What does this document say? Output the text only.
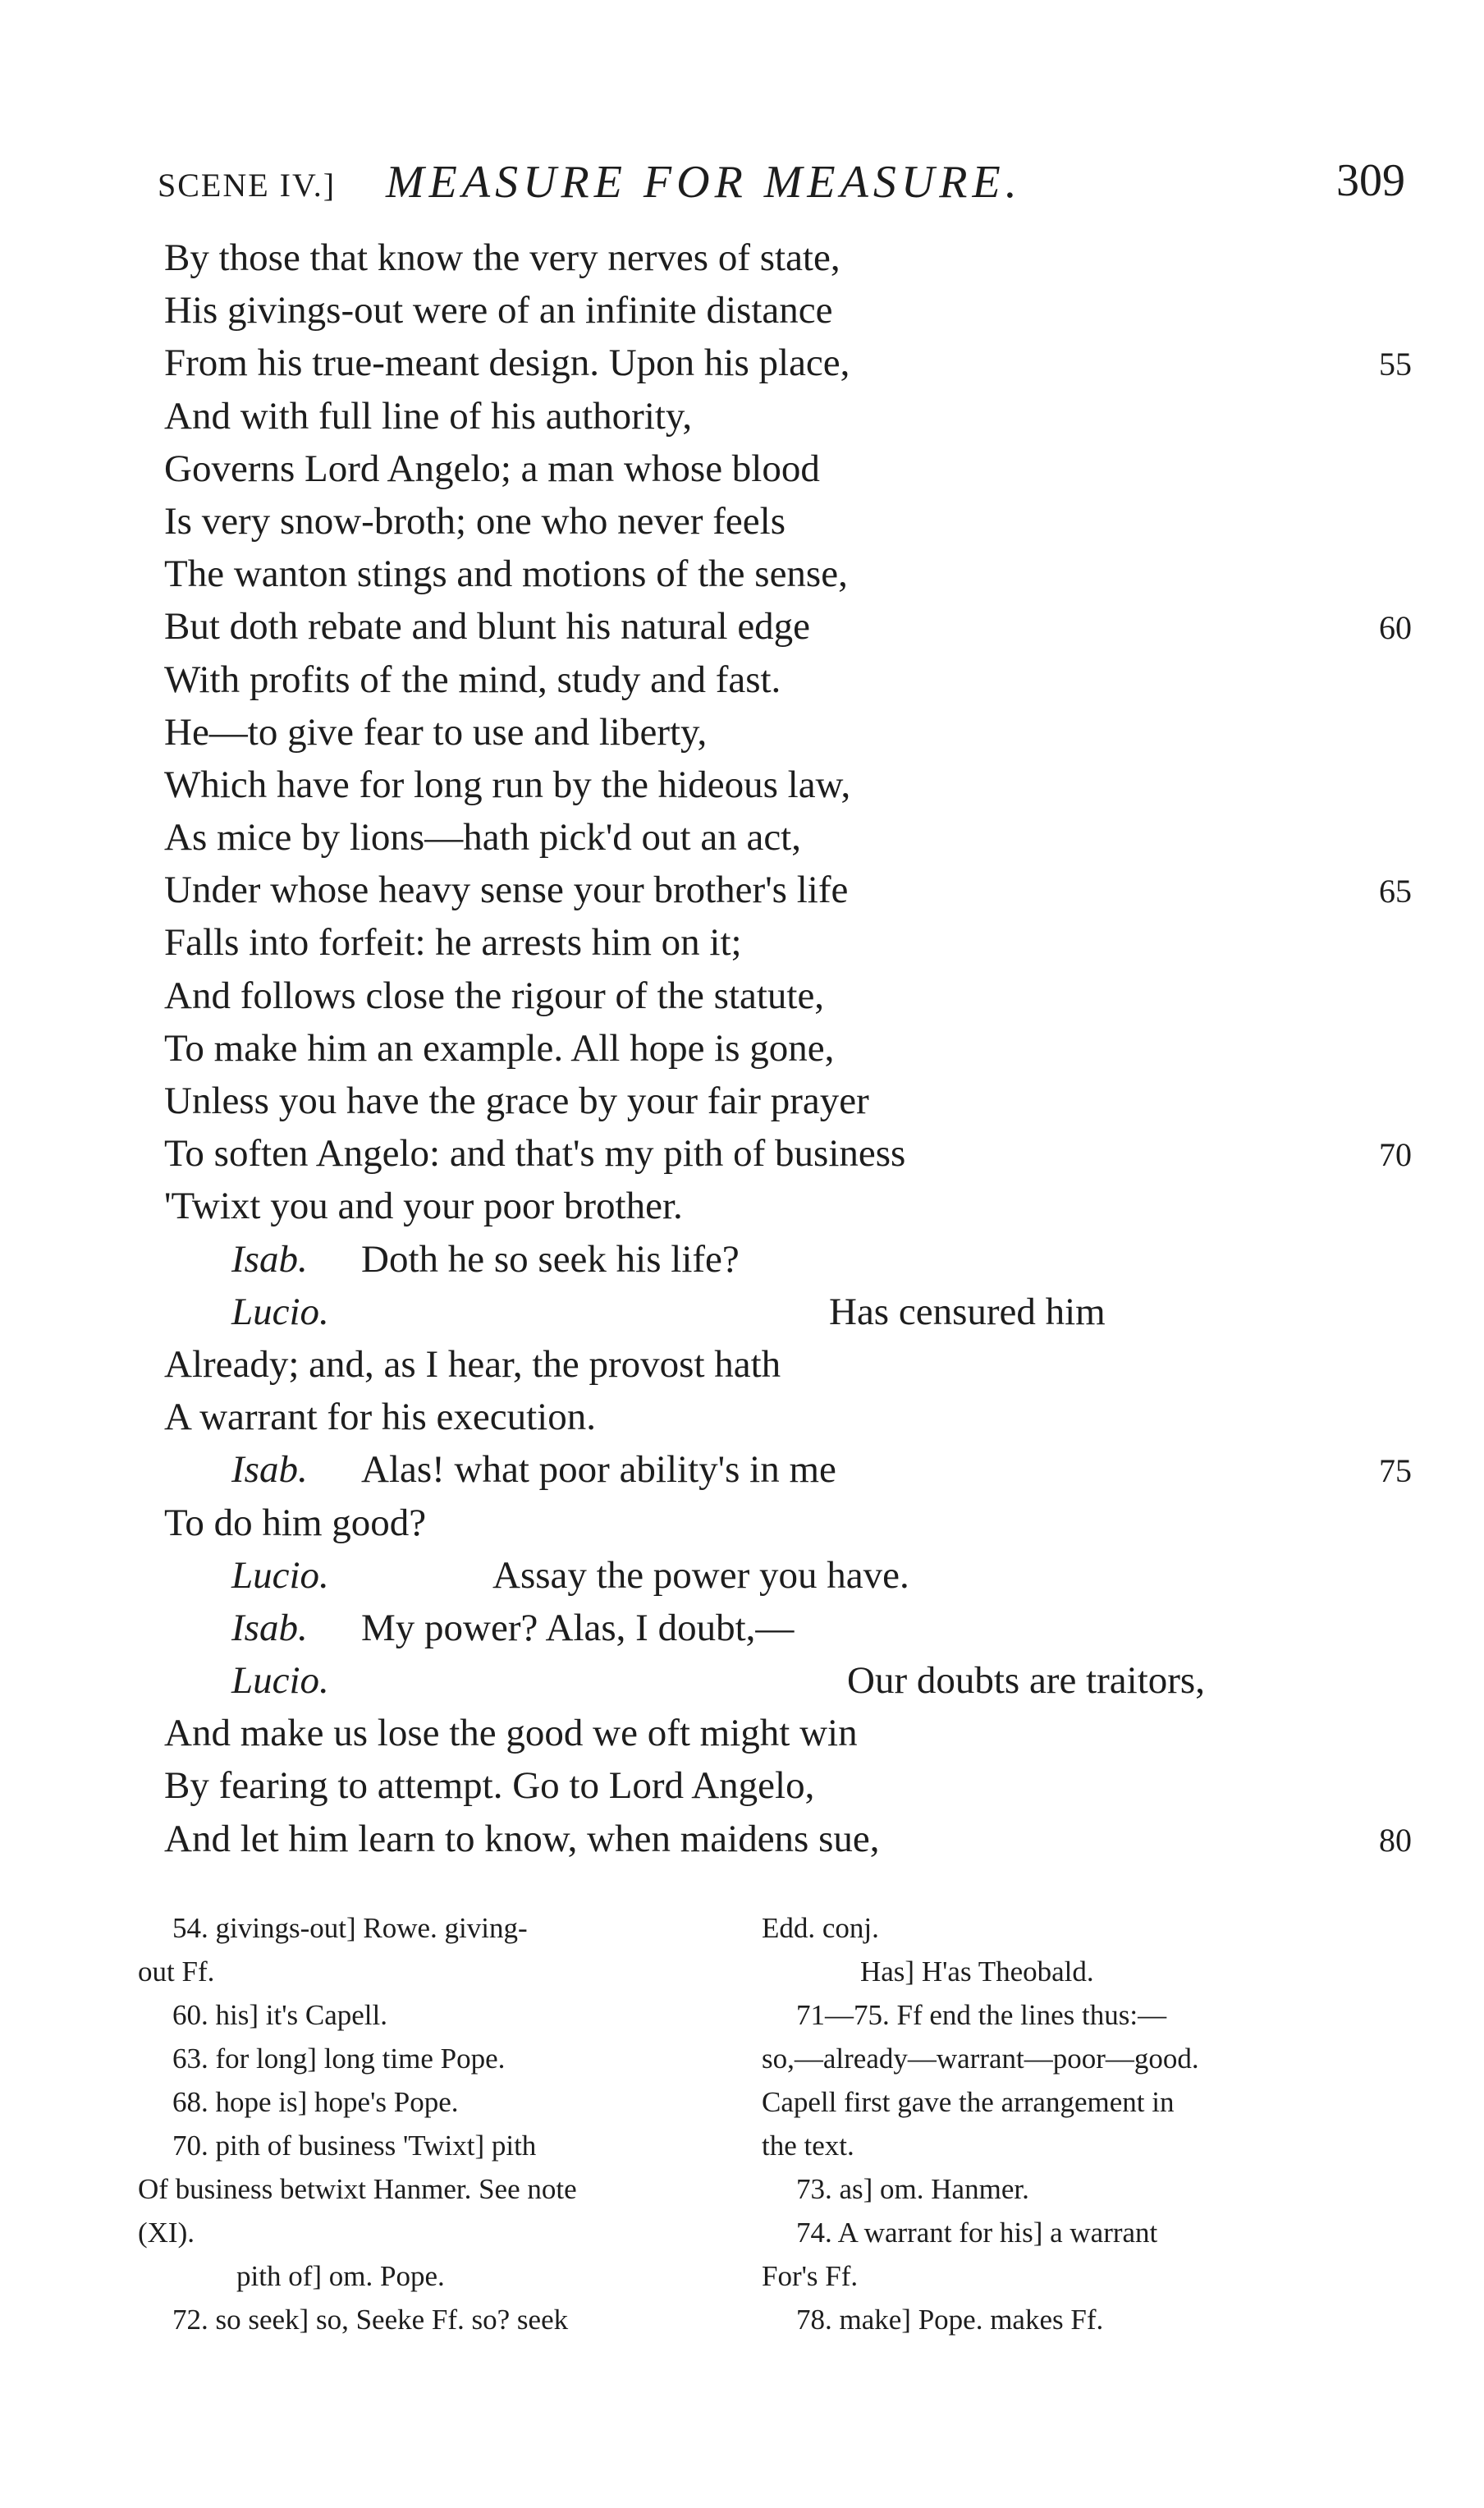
SCENE IV.] MEASURE FOR MEASURE.	309
By those that know the very nerves of state,
His givings-out were of an infinite distance
From his true-meant design. Upon his place,	55
And with full line of his authority,
Governs Lord Angelo; a man whose blood
Is very snow-broth; one who never feels
The wanton stings and motions of the sense,
But doth rebate and blunt his natural edge	60
With profits of the mind, study and fast.
He—to give fear to use and liberty,
Which have for long run by the hideous law,
As mice by lions—hath pick'd out an act,
Under whose heavy sense your brother's life	65
Falls into forfeit: he arrests him on it;
And follows close the rigour of the statute,
To make him an example. All hope is gone,
Unless you have the grace by your fair prayer
To soften Angelo: and that's my pith of business	70
'Twixt you and your poor brother.
Isab. Doth he so seek his life?
Lucio.	Has censured him
Already; and, as I hear, the provost hath
A warrant for his execution.
Isab. Alas! what poor ability's in me	75
To do him good?
Lucio.	Assay the power you have.
Isab. My power? Alas, I doubt,—
Lucio.	Our doubts are traitors,
And make us lose the good we oft might win
By fearing to attempt. Go to Lord Angelo,
And let him learn to know, when maidens sue,	80
54. givings-out] Rowe. giving-
out Ff.
60. his] it's Capell.
63. for long] long time Pope.
68. hope is] hope's Pope.
70. pith of business 'Twixt] pith
Of business betwixt Hanmer. See note
(XI).
pith of] om. Pope.
72. so seek] so, Seeke Ff. so? seek
Edd. conj.
Has] H'as Theobald.
71—75. Ff end the lines thus:—
so,—already—warrant—poor—good.
Capell first gave the arrangement in
the text.
73. as] om. Hanmer.
74. A warrant for his] a warrant
For's Ff.
78. make] Pope. makes Ff.
